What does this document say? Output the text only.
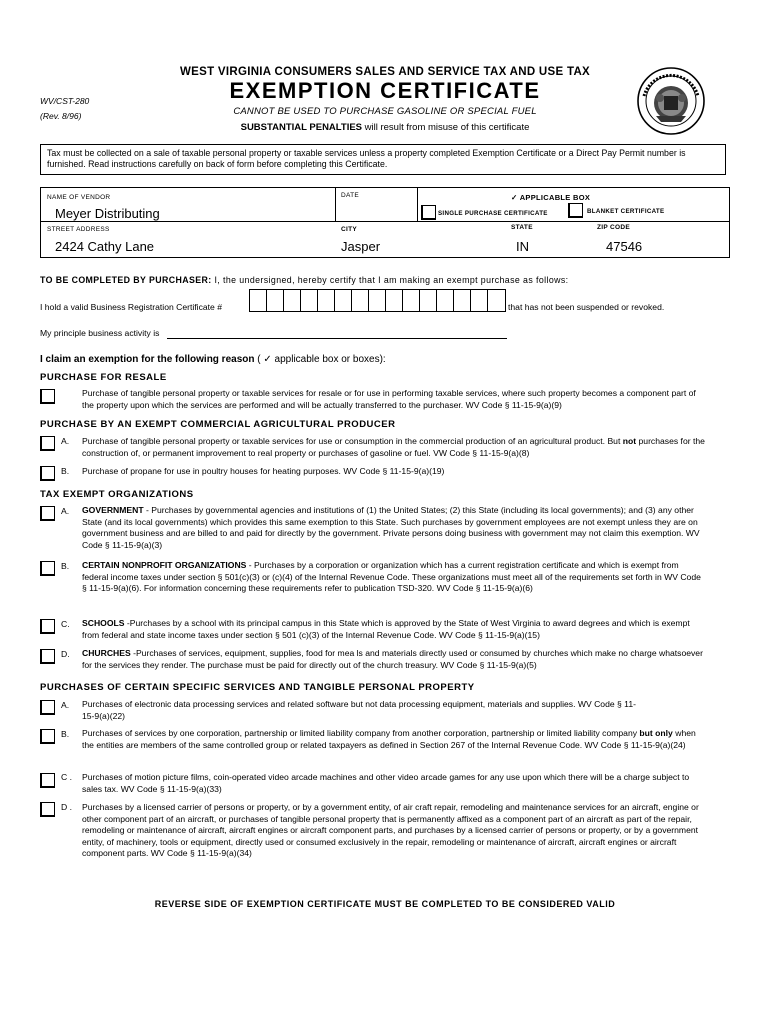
WV/CST-280
(Rev. 8/96)
WEST VIRGINIA CONSUMERS SALES AND SERVICE TAX AND USE TAX
EXEMPTION CERTIFICATE
CANNOT BE USED TO PURCHASE GASOLINE OR SPECIAL FUEL
SUBSTANTIAL PENALTIES will result from misuse of this certificate
Tax must be collected on a sale of taxable personal property or taxable services unless a property completed Exemption Certificate or a Direct Pay Permit number is furnished. Read instructions carefully on back of form before completing this Certificate.
NAME OF VENDOR
Meyer Distributing
DATE	✓ APPLICABLE BOX
SINGLE PURCHASE CERTIFICATE	BLANKET CERTIFICATE
STREET ADDRESS
2424 Cathy Lane
CITY
Jasper
STATE
IN
ZIP CODE
47546
TO BE COMPLETED BY PURCHASER: I, the undersigned, hereby certify that I am making an exempt purchase as follows:
I hold a valid Business Registration Certificate #	that has not been suspended or revoked.
My principle business activity is
I claim an exemption for the following reason ( ✓ applicable box or boxes):
PURCHASE FOR RESALE
Purchase of tangible personal property or taxable services for resale or for use in performing taxable services, where such property becomes a component part of the property upon which the services are performed and will be actually transferred to the purchaser. WV Code § 11-15-9(a)(9)
PURCHASE BY AN EXEMPT COMMERCIAL AGRICULTURAL PRODUCER
A. Purchase of tangible personal property or taxable services for use or consumption in the commercial production of an agricultural product. But not purchases for the construction of, or permanent improvement to real property or purchases of gasoline or fuel. VW Code § 11-15-9(a)(8)
B. Purchase of propane for use in poultry houses for heating purposes. WV Code § 11-15-9(a)(19)
TAX EXEMPT ORGANIZATIONS
A. GOVERNMENT - Purchases by governmental agencies and institutions of (1) the United States; (2) this State (including its local governments); and (3) any other State (and its local governments) which provides this same exemption to this State. Such purchases by government employees are not exempt unless they are on government business and are billed to and paid for directly by the government. Private persons doing business with government may not claim this exemption. WV Code § 11-15-9(a)(3)
B. CERTAIN NONPROFIT ORGANIZATIONS - Purchases by a corporation or organization which has a current registration certificate and which is exempt from federal income taxes under section § 501(c)(3) or (c)(4) of the Internal Revenue Code. These organizations must meet all of the requirements set forth in WV Code § 11-15-9(a)(6). For information concerning these requirements refer to publication TSD-320. WV Code § 11-15-9(a)(6)
C. SCHOOLS -Purchases by a school with its principal campus in this State which is approved by the State of West Virginia to award degrees and which is exempt from federal and state income taxes under section § 501 (c)(3) of the Internal Revenue Code. WV Code § 11-15-9(a)(15)
D. CHURCHES -Purchases of services, equipment, supplies, food for mea ls and materials directly used or consumed by churches which make no charge whatsoever for the services they render. The purchase must be paid for directly out of the church treasury. WV Code § 11-15-9(a)(5)
PURCHASES OF CERTAIN SPECIFIC SERVICES AND TANGIBLE PERSONAL PROPERTY
A. Purchases of electronic data processing services and related software but not data processing equipment, materials and supplies. WV Code § 11-15-9(a)(22)
B. Purchases of services by one corporation, partnership or limited liability company from another corporation, partnership or limited liability company but only when the entities are members of the same controlled group or related taxpayers as defined in Section 267 of the Internal Revenue Code. WV Code § 11-15-9(a)(24)
C . Purchases of motion picture films, coin-operated video arcade machines and other video arcade games for any use upon which there will be a charge subject to sales tax. WV Code § 11-15-9(a)(33)
D . Purchases by a licensed carrier of persons or property, or by a government entity, of air craft repair, remodeling and maintenance services for an aircraft, engine or other component part of an aircraft, or purchases of tangible personal property that is permanently affixed as a component part of an aircraft as part of the repair, remodeling or maintenance of aircraft, aircraft engines or aircraft component parts, and purchases by a licensed carrier of persons or property, or by a government entity, of machinery, tools or equipment, directly used or consumed exclusively in the repair, remodeling or maintenance of aircraft, aircraft engines or aircraft component parts. WV Code § 11-15-9(a)(34)
REVERSE SIDE OF EXEMPTION CERTIFICATE MUST BE COMPLETED TO BE CONSIDERED VALID
